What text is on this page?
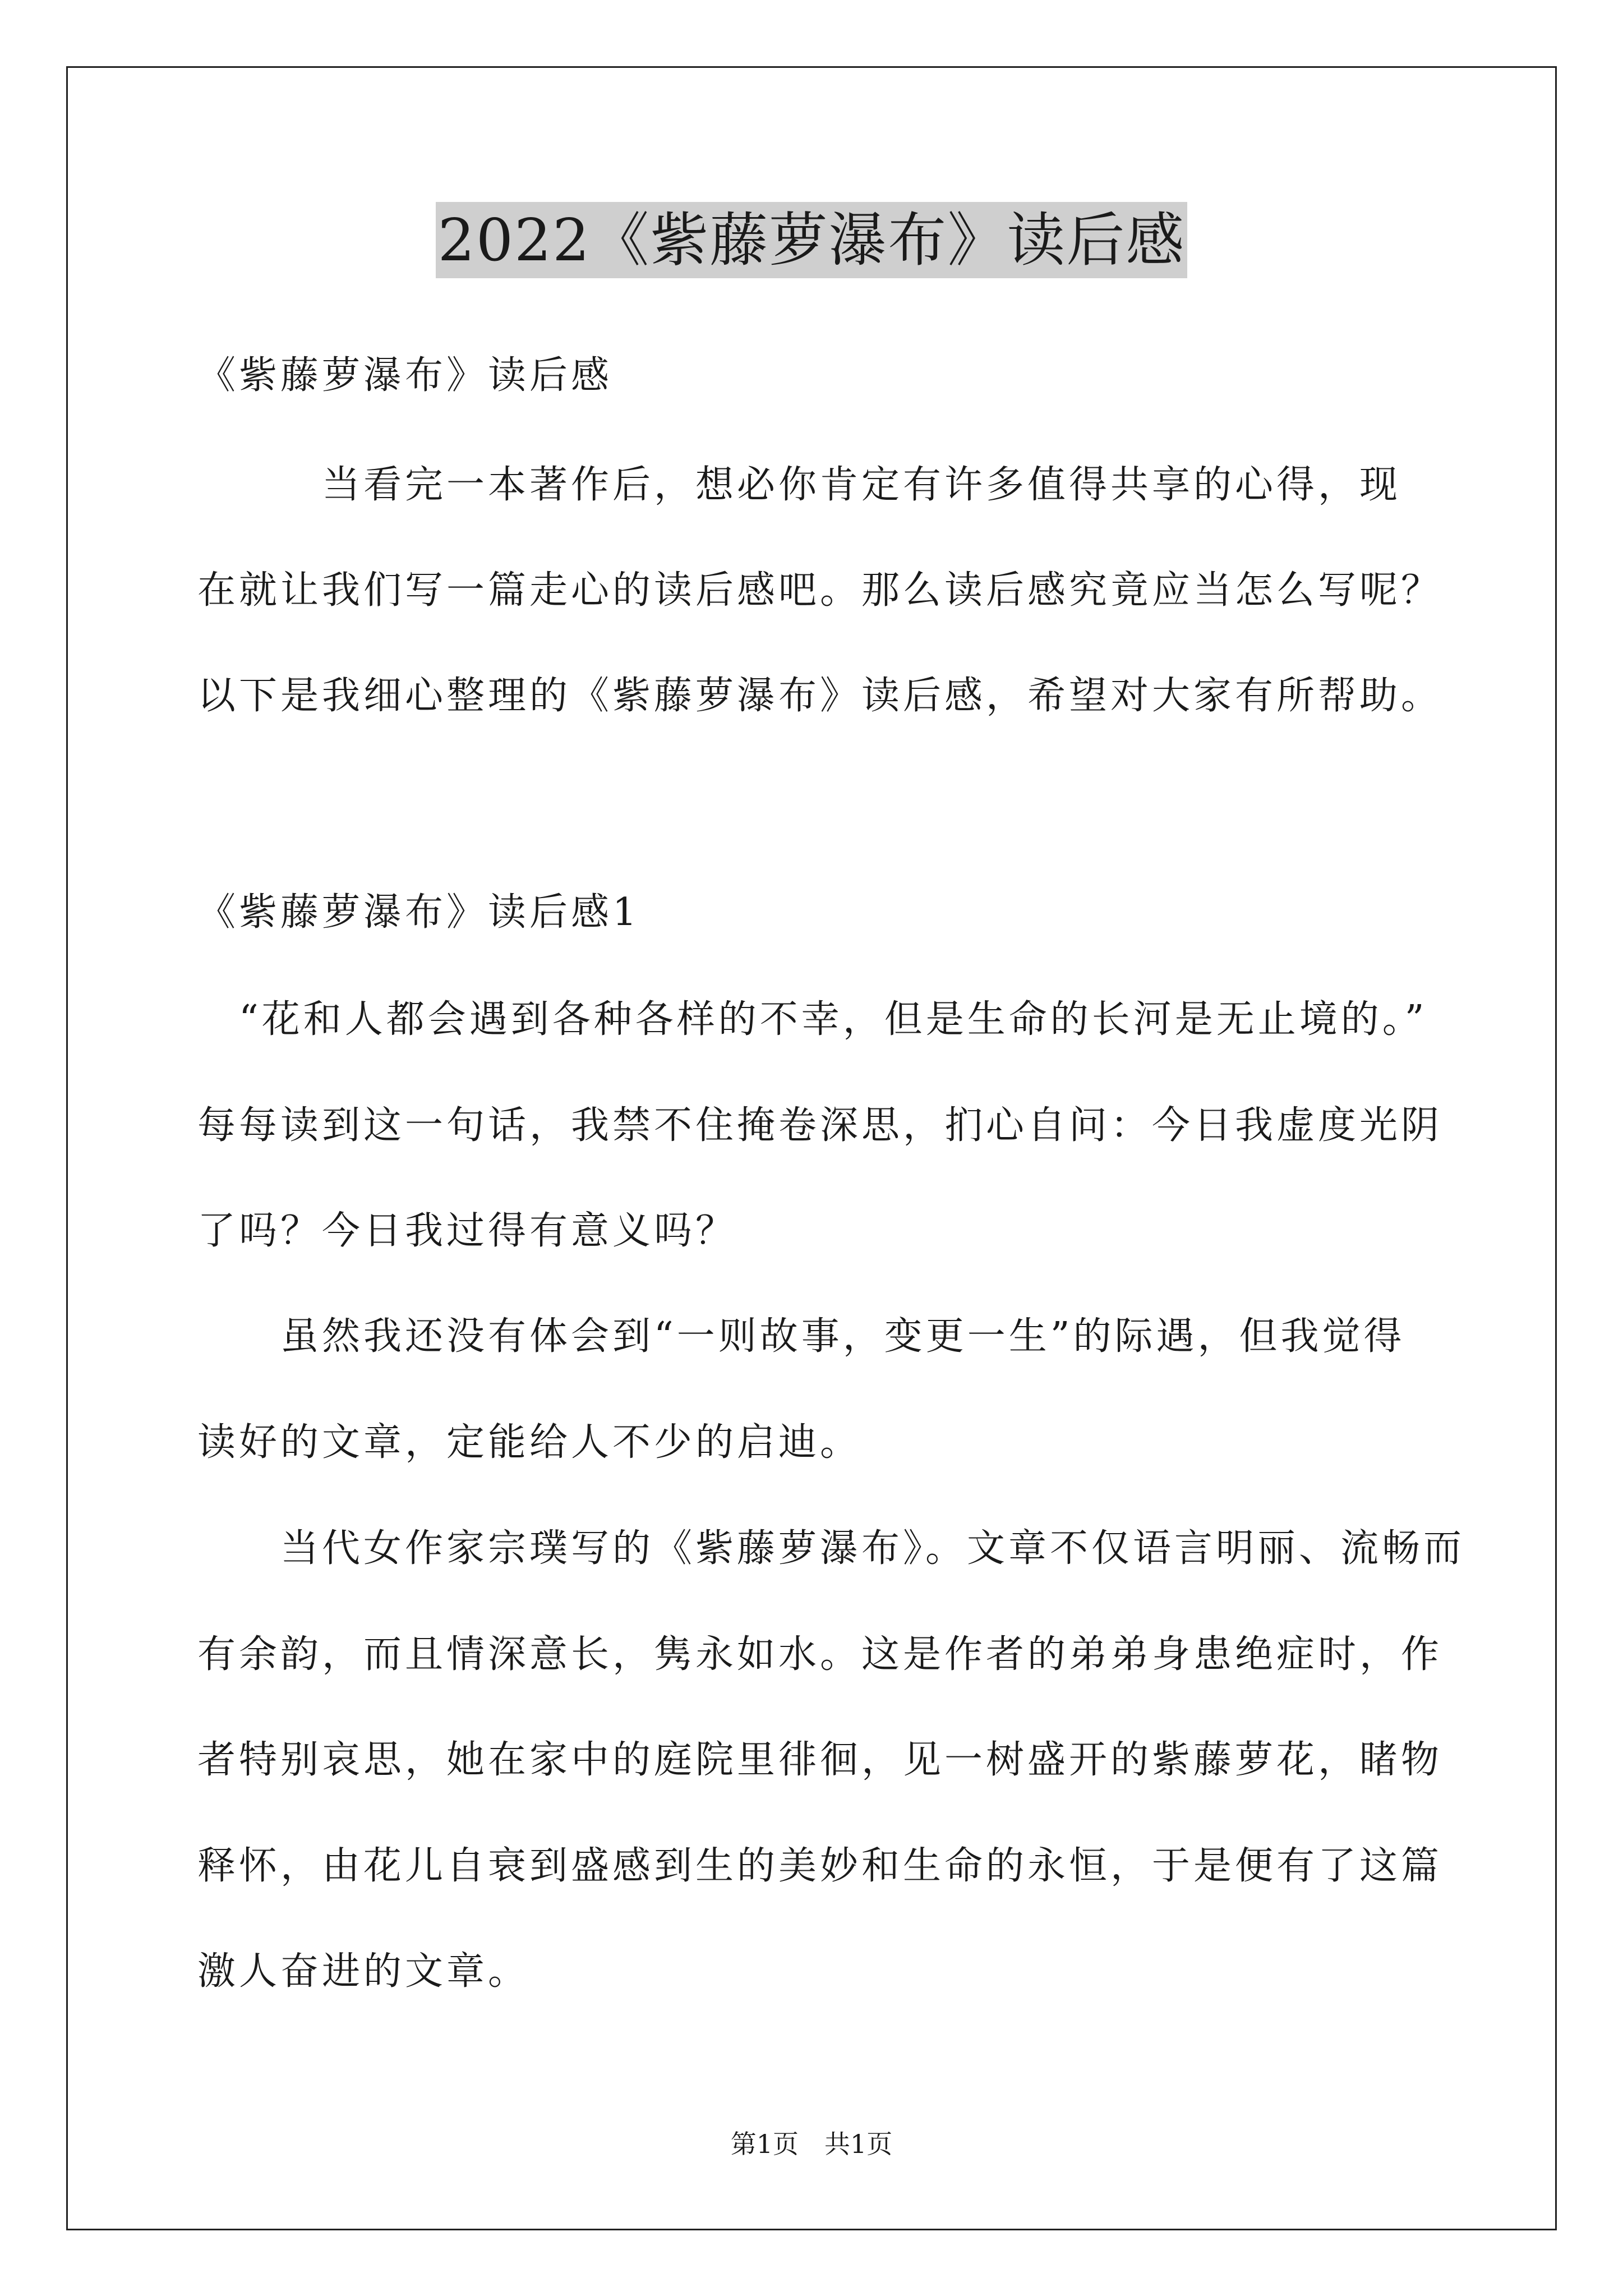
2022《紫藤萝瀑布》读后感
《紫藤萝瀑布》读后感
　　　当看完一本著作后，想必你肯定有许多值得共享的心得，现
在就让我们写一篇走心的读后感吧。那么读后感究竟应当怎么写呢？
以下是我细心整理的《紫藤萝瀑布》读后感，希望对大家有所帮助。
《紫藤萝瀑布》读后感1
　“花和人都会遇到各种各样的不幸，但是生命的长河是无止境的。”
每每读到这一句话，我禁不住掩卷深思，扪心自问：今日我虚度光阴
了吗？今日我过得有意义吗？
　　虽然我还没有体会到“一则故事，变更一生”的际遇，但我觉得
读好的文章，定能给人不少的启迪。
　　当代女作家宗璞写的《紫藤萝瀑布》。文章不仅语言明丽、流畅而
有余韵，而且情深意长，隽永如水。这是作者的弟弟身患绝症时，作
者特别哀思，她在家中的庭院里徘徊，见一树盛开的紫藤萝花，睹物
释怀，由花儿自衰到盛感到生的美妙和生命的永恒，于是便有了这篇
激人奋进的文章。
第1页　共1页
